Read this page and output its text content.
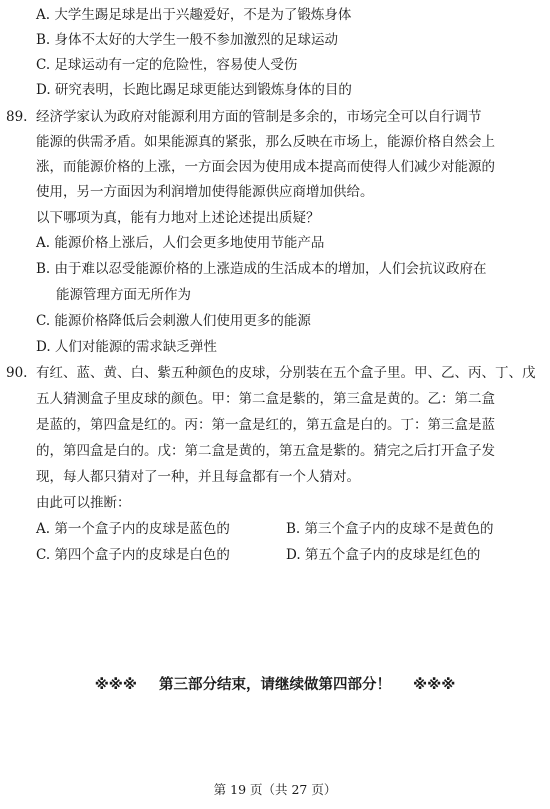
A. 大学生踢足球是出于兴趣爱好，不是为了锻炼身体
B. 身体不太好的大学生一般不参加激烈的足球运动
C. 足球运动有一定的危险性，容易使人受伤
D. 研究表明，长跑比踢足球更能达到锻炼身体的目的
89. 经济学家认为政府对能源利用方面的管制是多余的，市场完全可以自行调节
能源的供需矛盾。如果能源真的紧张，那么反映在市场上，能源价格自然会上
涨，而能源价格的上涨，一方面会因为使用成本提高而使得人们减少对能源的
使用，另一方面因为利润增加使得能源供应商增加供给。
以下哪项为真，能有力地对上述论述提出质疑？
A. 能源价格上涨后，人们会更多地使用节能产品
B. 由于难以忍受能源价格的上涨造成的生活成本的增加，人们会抗议政府在
能源管理方面无所作为
C. 能源价格降低后会刺激人们使用更多的能源
D. 人们对能源的需求缺乏弹性
90. 有红、蓝、黄、白、紫五种颜色的皮球，分别装在五个盒子里。甲、乙、丙、丁、戊
五人猜测盒子里皮球的颜色。甲：第二盒是紫的，第三盒是黄的。乙：第二盒
是蓝的，第四盒是红的。丙：第一盒是红的，第五盒是白的。丁：第三盒是蓝
的，第四盒是白的。戊：第二盒是黄的，第五盒是紫的。猜完之后打开盒子发
现，每人都只猜对了一种，并且每盒都有一个人猜对。
由此可以推断：
A. 第一个盒子内的皮球是蓝色的	B. 第三个盒子内的皮球不是黄色的
C. 第四个盒子内的皮球是白色的	D. 第五个盒子内的皮球是红色的
※※※ 第三部分结束，请继续做第四部分！ ※※※
第 19 页（共 27 页）
